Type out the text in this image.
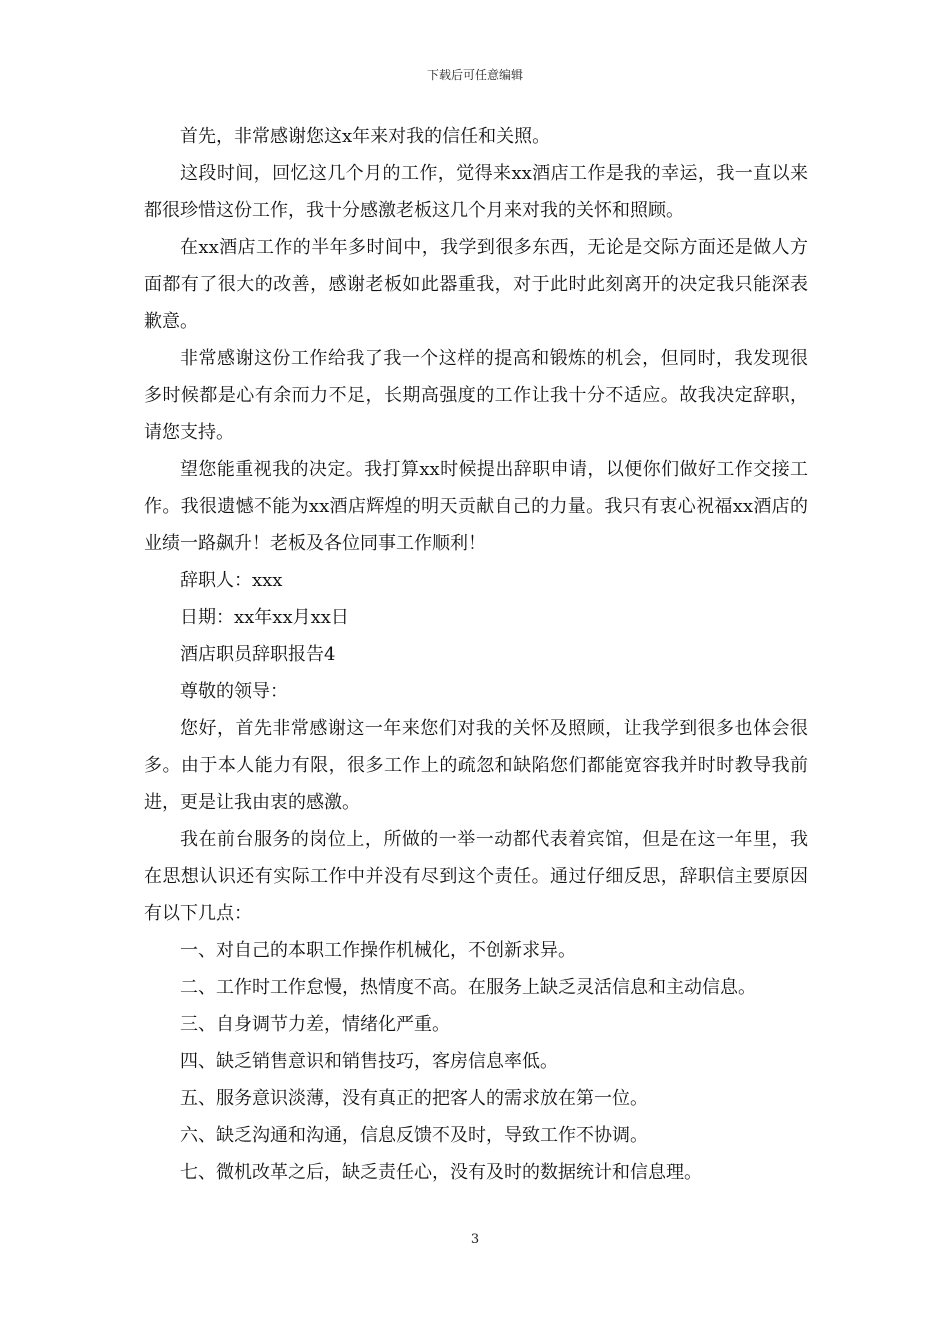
下载后可任意编辑

首先，非常感谢您这x年来对我的信任和关照。

这段时间，回忆这几个月的工作，觉得来xx酒店工作是我的幸运，我一直以来都很珍惜这份工作，我十分感激老板这几个月来对我的关怀和照顾。

在xx酒店工作的半年多时间中，我学到很多东西，无论是交际方面还是做人方面都有了很大的改善，感谢老板如此器重我，对于此时此刻离开的决定我只能深表歉意。

非常感谢这份工作给我了我一个这样的提高和锻炼的机会，但同时，我发现很多时候都是心有余而力不足，长期高强度的工作让我十分不适应。故我决定辞职，请您支持。

望您能重视我的决定。我打算xx时候提出辞职申请，以便你们做好工作交接工作。我很遗憾不能为xx酒店辉煌的明天贡献自己的力量。我只有衷心祝福xx酒店的业绩一路飙升！老板及各位同事工作顺利！

辞职人：xxx

日期：xx年xx月xx日

酒店职员辞职报告4

尊敬的领导：

您好，首先非常感谢这一年来您们对我的关怀及照顾，让我学到很多也体会很多。由于本人能力有限，很多工作上的疏忽和缺陷您们都能宽容我并时时教导我前进，更是让我由衷的感激。

我在前台服务的岗位上，所做的一举一动都代表着宾馆，但是在这一年里，我在思想认识还有实际工作中并没有尽到这个责任。通过仔细反思，辞职信主要原因有以下几点：

一、对自己的本职工作操作机械化，不创新求异。

二、工作时工作怠慢，热情度不高。在服务上缺乏灵活信息和主动信息。

三、自身调节力差，情绪化严重。

四、缺乏销售意识和销售技巧，客房信息率低。

五、服务意识淡薄，没有真正的把客人的需求放在第一位。

六、缺乏沟通和沟通，信息反馈不及时，导致工作不协调。

七、微机改革之后，缺乏责任心，没有及时的数据统计和信息理。

3
